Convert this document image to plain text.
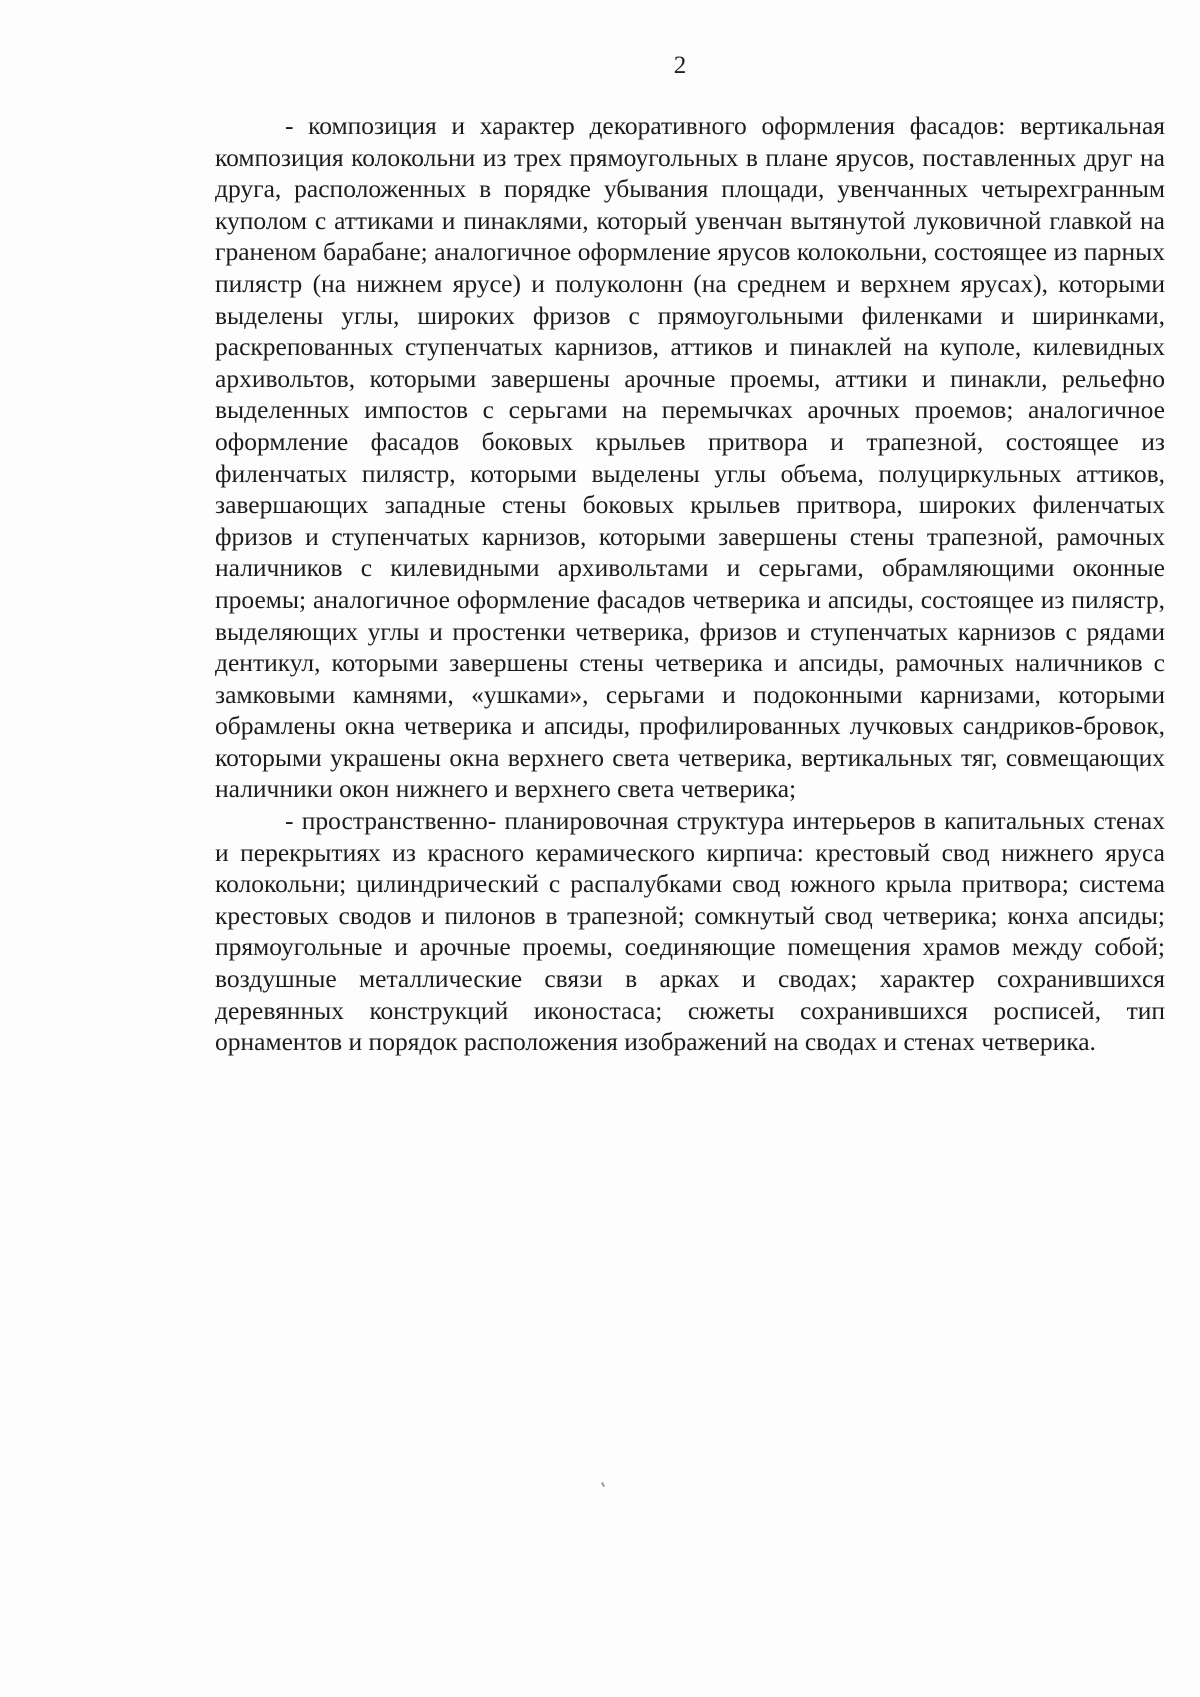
2

- композиция и характер декоративного оформления фасадов: вертикальная композиция колокольни из трех прямоугольных в плане ярусов, поставленных друг на друга, расположенных в порядке убывания площади, увенчанных четырехгранным куполом с аттиками и пинаклями, который увенчан вытянутой луковичной главкой на граненом барабане; аналогичное оформление ярусов колокольни, состоящее из парных пилястр (на нижнем ярусе) и полуколонн (на среднем и верхнем ярусах), которыми выделены углы, широких фризов с прямоугольными филенками и ширинками, раскрепованных ступенчатых карнизов, аттиков и пинаклей на куполе, килевидных архивольтов, которыми завершены арочные проемы, аттики и пинакли, рельефно выделенных импостов с серьгами на перемычках арочных проемов; аналогичное оформление фасадов боковых крыльев притвора и трапезной, состоящее из филенчатых пилястр, которыми выделены углы объема, полуциркульных аттиков, завершающих западные стены боковых крыльев притвора, широких филенчатых фризов и ступенчатых карнизов, которыми завершены стены трапезной, рамочных наличников с килевидными архивольтами и серьгами, обрамляющими оконные проемы; аналогичное оформление фасадов четверика и апсиды, состоящее из пилястр, выделяющих углы и простенки четверика, фризов и ступенчатых карнизов с рядами дентикул, которыми завершены стены четверика и апсиды, рамочных наличников с замковыми камнями, «ушками», серьгами и подоконными карнизами, которыми обрамлены окна четверика и апсиды, профилированных лучковых сандриков-бровок, которыми украшены окна верхнего света четверика, вертикальных тяг, совмещающих наличники окон нижнего и верхнего света четверика;

- пространственно- планировочная структура интерьеров в капитальных стенах и перекрытиях из красного керамического кирпича: крестовый свод нижнего яруса колокольни; цилиндрический с распалубками свод южного крыла притвора; система крестовых сводов и пилонов в трапезной; сомкнутый свод четверика; конха апсиды; прямоугольные и арочные проемы, соединяющие помещения храмов между собой; воздушные металлические связи в арках и сводах; характер сохранившихся деревянных конструкций иконостаса; сюжеты сохранившихся росписей, тип орнаментов и порядок расположения изображений на сводах и стенах четверика.
